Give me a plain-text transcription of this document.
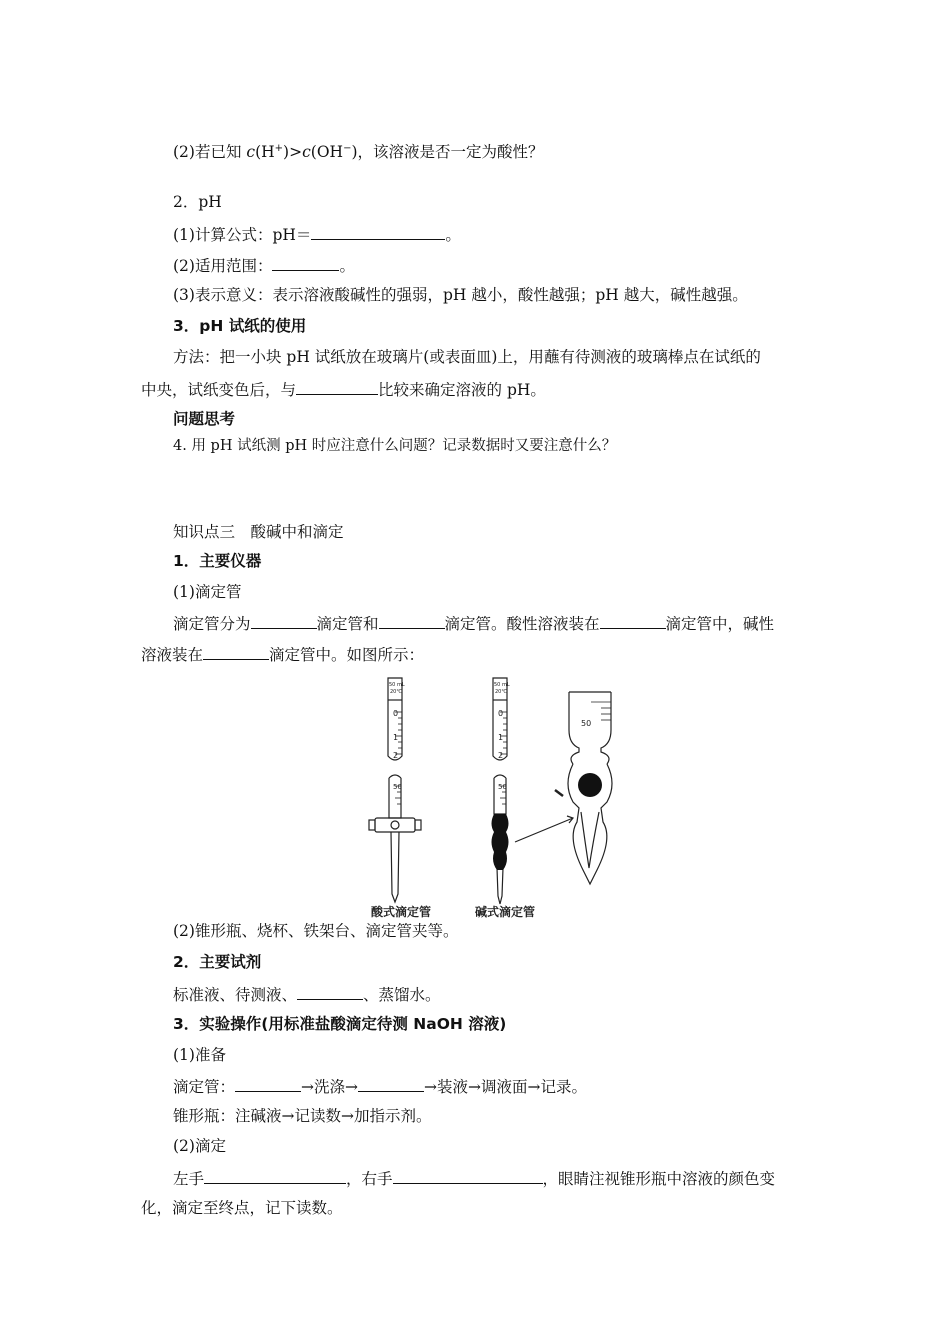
(2)若已知 c(H+)>c(OH−)，该溶液是否一定为酸性？
2．pH
(1)计算公式：pH＝	。
(2)适用范围：	。
(3)表示意义：表示溶液酸碱性的强弱，pH 越小，酸性越强；pH 越大，碱性越强。
3．pH 试纸的使用
方法：把一小块 pH 试纸放在玻璃片(或表面皿)上，用蘸有待测液的玻璃棒点在试纸的
中央，试纸变色后，与	比较来确定溶液的 pH。
问题思考
4. 用 pH 试纸测 pH 时应注意什么问题？记录数据时又要注意什么？
知识点三　酸碱中和滴定
1．主要仪器
(1)滴定管
滴定管分为	滴定管和	滴定管。酸性溶液装在	滴定管中，碱性
溶液装在	滴定管中。如图所示：
50 mL
20℃
0
1
2
50
50 mL
20℃
0
1
2
50
50
酸式滴定管	碱式滴定管
(2)锥形瓶、烧杯、铁架台、滴定管夹等。
2．主要试剂
标准液、待测液、	、蒸馏水。
3．实验操作(用标准盐酸滴定待测 NaOH 溶液)
(1)准备
滴定管：	→洗涤→	→装液→调液面→记录。
锥形瓶：注碱液→记读数→加指示剂。
(2)滴定
左手	，右手	，眼睛注视锥形瓶中溶液的颜色变
化，滴定至终点，记下读数。
